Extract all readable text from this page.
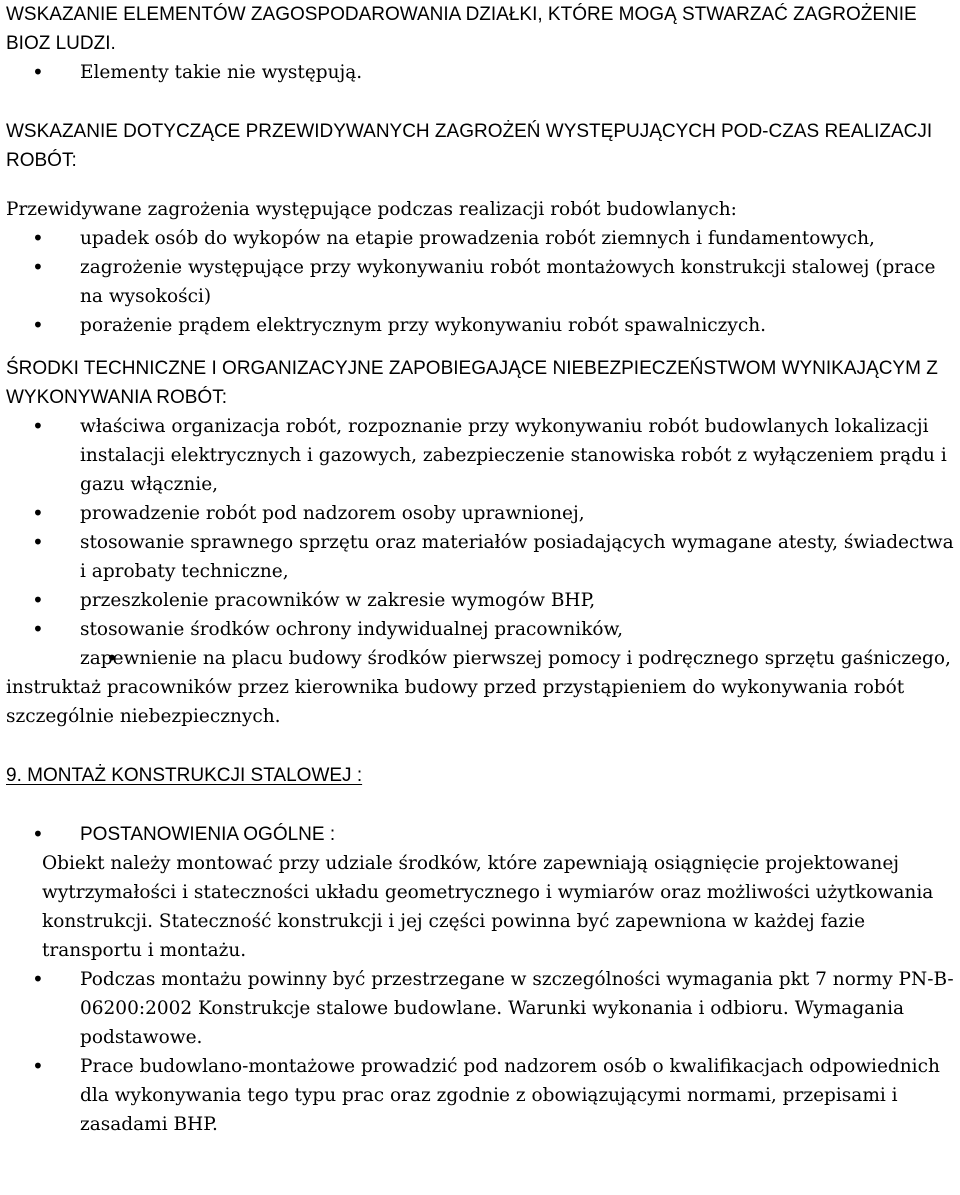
WSKAZANIE ELEMENTÓW ZAGOSPODAROWANIA DZIAŁKI, KTÓRE MOGĄ STWARZAĆ ZAGROŻENIE BIOZ LUDZI.

• Elementy takie nie występują.

WSKAZANIE DOTYCZĄCE PRZEWIDYWANYCH ZAGROŻEŃ WYSTĘPUJĄCYCH POD-CZAS REALIZACJI ROBÓT:

Przewidywane zagrożenia występujące podczas realizacji robót budowlanych:

• upadek osób do wykopów na etapie prowadzenia robót ziemnych i fundamentowych,
• zagrożenie występujące przy wykonywaniu robót montażowych konstrukcji stalowej (prace na wysokości)
• porażenie prądem elektrycznym przy wykonywaniu robót spawalniczych.

ŚRODKI TECHNICZNE I ORGANIZACYJNE ZAPOBIEGAJĄCE NIEBEZPIECZEŃSTWOM WYNIKAJĄCYM Z WYKONYWANIA ROBÓT:

• właściwa organizacja robót, rozpoznanie przy wykonywaniu robót budowlanych lokalizacji instalacji elektrycznych i gazowych, zabezpieczenie stanowiska robót z wyłączeniem prądu i gazu włącznie,
• prowadzenie robót pod nadzorem osoby uprawnionej,
• stosowanie sprawnego sprzętu oraz materiałów posiadających wymagane atesty, świadectwa i aprobaty techniczne,
• przeszkolenie pracowników w zakresie wymogów BHP,
• stosowanie środków ochrony indywidualnej pracowników,
• zapewnienie na placu budowy środków pierwszej pomocy i podręcznego sprzętu gaśniczego, instruktaż pracowników przez kierownika budowy przed przystąpieniem do wykonywania robót szczególnie niebezpiecznych.

9. MONTAŻ KONSTRUKCJI STALOWEJ :

• POSTANOWIENIA OGÓLNE :

Obiekt należy montować przy udziale środków, które zapewniają osiągnięcie projektowanej wytrzymałości i stateczności układu geometrycznego i wymiarów oraz możliwości użytkowania konstrukcji. Stateczność konstrukcji i jej części powinna być zapewniona w każdej fazie transportu i montażu.

• Podczas montażu powinny być przestrzegane w szczególności wymagania pkt 7 normy PN-B-06200:2002 Konstrukcje stalowe budowlane. Warunki wykonania i odbioru. Wymagania podstawowe.
• Prace budowlano-montażowe prowadzić pod nadzorem osób o kwalifikacjach odpowiednich dla wykonywania tego typu prac oraz zgodnie z obowiązującymi normami, przepisami i zasadami BHP.
